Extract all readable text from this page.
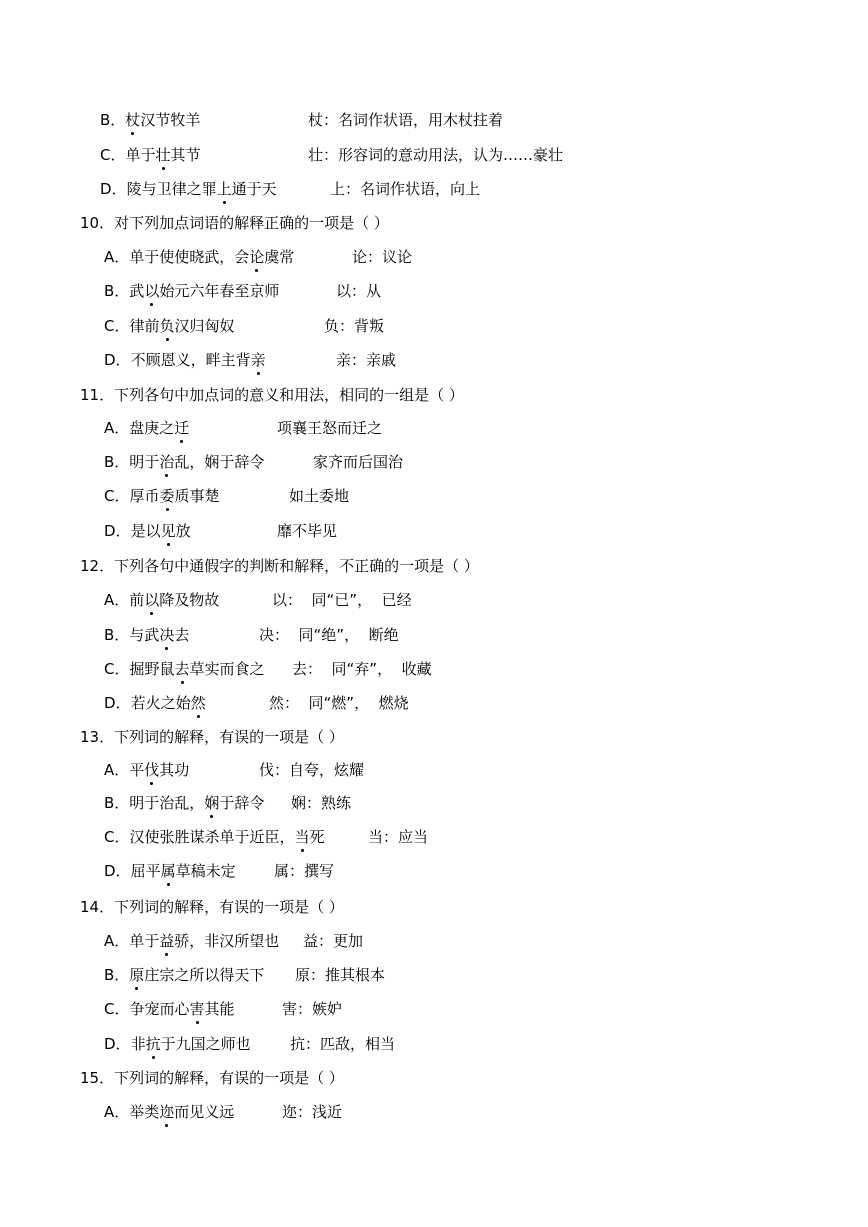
B．杖汉节牧羊	杖：名词作状语，用木杖拄着
C．单于壮其节	壮：形容词的意动用法，认为……豪壮
D．陵与卫律之罪上通于天	上：名词作状语，向上
10．对下列加点词语的解释正确的一项是（ ）
A．单于使使晓武，会论虞常	论：议论
B．武以始元六年春至京师	以：从
C．律前负汉归匈奴	负：背叛
D．不顾恩义，畔主背亲	亲：亲戚
11．下列各句中加点词的意义和用法，相同的一组是（ ）
A．盘庚之迁	项襄王怒而迁之
B．明于治乱，娴于辞令	家齐而后国治
C．厚币委质事楚	如土委地
D．是以见放	靡不毕见
12．下列各句中通假字的判断和解释，不正确的一项是（ ）
A．前以降及物故	以：  同“已”，  已经
B．与武决去	决：  同“绝”，  断绝
C．掘野鼠去草实而食之 去：  同“弃”，  收藏
D．若火之始然	然：  同“燃”，  燃烧
13．下列词的解释，有误的一项是（ ）
A．平伐其功	伐：自夸，炫耀
B．明于治乱，娴于辞令 娴：熟练
C．汉使张胜谋杀单于近臣，当死	当：应当
D．屈平属草稿未定	属：撰写
14．下列词的解释，有误的一项是（ ）
A．单于益骄，非汉所望也 益：更加
B．原庄宗之所以得天下 原：推其根本
C．争宠而心害其能	害：嫉妒
D．非抗于九国之师也	抗：匹敌，相当
15．下列词的解释，有误的一项是（ ）
A．举类迩而见义远	迩：浅近
